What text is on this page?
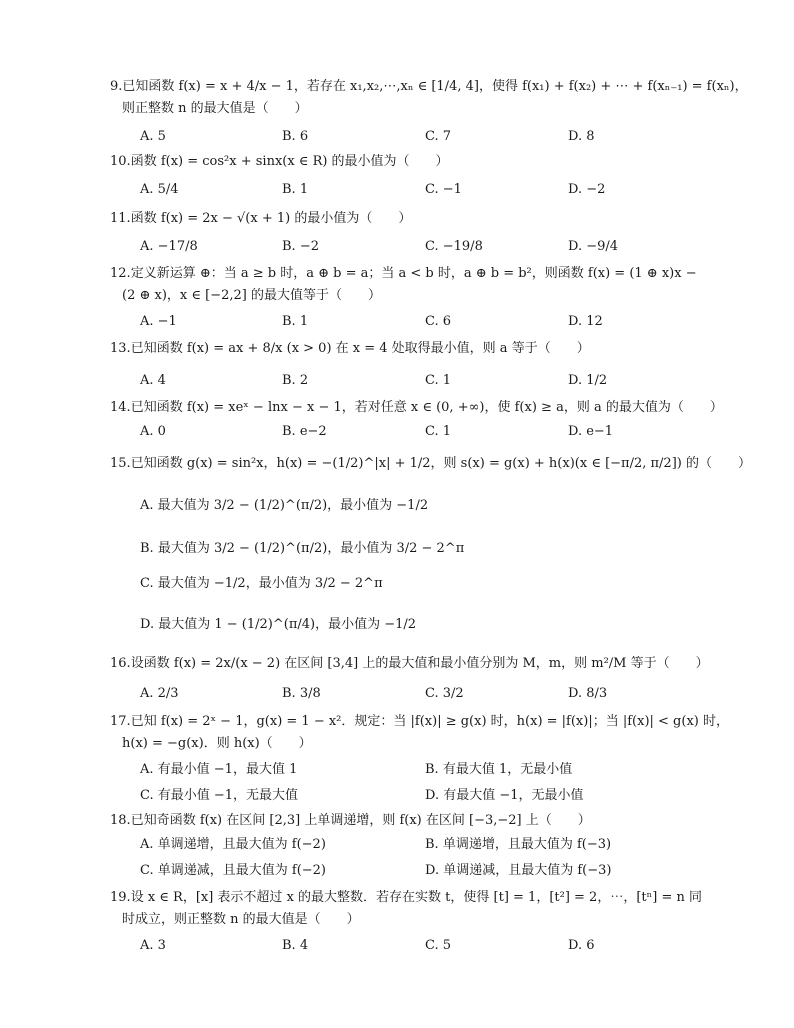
9.已知函数 f(x) = x + 4/x − 1，若存在 x₁,x₂,⋯,xₙ ∈ [1/4, 4]，使得 f(x₁) + f(x₂) + ⋯ + f(xₙ₋₁) = f(xₙ)，
则正整数 n 的最大值是（　　）
A. 5	B. 6	C. 7	D. 8
10.函数 f(x) = cos²x + sinx(x ∈ R) 的最小值为（　　）
A. 5/4	B. 1	C. −1	D. −2
11.函数 f(x) = 2x − √(x + 1) 的最小值为（　　）
A. −17/8	B. −2	C. −19/8	D. −9/4
12.定义新运算 ⊕：当 a ≥ b 时，a ⊕ b = a；当 a < b 时，a ⊕ b = b²，则函数 f(x) = (1 ⊕ x)x −
(2 ⊕ x)，x ∈ [−2,2] 的最大值等于（　　）
A. −1	B. 1	C. 6	D. 12
13.已知函数 f(x) = ax + 8/x (x > 0) 在 x = 4 处取得最小值，则 a 等于（　　）
A. 4	B. 2	C. 1	D. 1/2
14.已知函数 f(x) = xeˣ − lnx − x − 1，若对任意 x ∈ (0, +∞)，使 f(x) ≥ a，则 a 的最大值为（　　）
A. 0	B. e−2	C. 1	D. e−1
15.已知函数 g(x) = sin²x，h(x) = −(1/2)^|x| + 1/2，则 s(x) = g(x) + h(x)(x ∈ [−π/2, π/2]) 的（　　）
A. 最大值为 3/2 − (1/2)^(π/2)，最小值为 −1/2
B. 最大值为 3/2 − (1/2)^(π/2)，最小值为 3/2 − 2^π
C. 最大值为 −1/2，最小值为 3/2 − 2^π
D. 最大值为 1 − (1/2)^(π/4)，最小值为 −1/2
16.设函数 f(x) = 2x/(x − 2) 在区间 [3,4] 上的最大值和最小值分别为 M，m，则 m²/M 等于（　　）
A. 2/3	B. 3/8	C. 3/2	D. 8/3
17.已知 f(x) = 2ˣ − 1，g(x) = 1 − x²．规定：当 |f(x)| ≥ g(x) 时，h(x) = |f(x)|；当 |f(x)| < g(x) 时，
h(x) = −g(x)．则 h(x)（　　）
A. 有最小值 −1，最大值 1	B. 有最大值 1，无最小值
C. 有最小值 −1，无最大值	D. 有最大值 −1，无最小值
18.已知奇函数 f(x) 在区间 [2,3] 上单调递增，则 f(x) 在区间 [−3,−2] 上（　　）
A. 单调递增，且最大值为 f(−2)	B. 单调递增，且最大值为 f(−3)
C. 单调递减，且最大值为 f(−2)	D. 单调递减，且最大值为 f(−3)
19.设 x ∈ R，[x] 表示不超过 x 的最大整数．若存在实数 t，使得 [t] = 1，[t²] = 2，⋯，[tⁿ] = n 同
时成立，则正整数 n 的最大值是（　　）
A. 3	B. 4	C. 5	D. 6
